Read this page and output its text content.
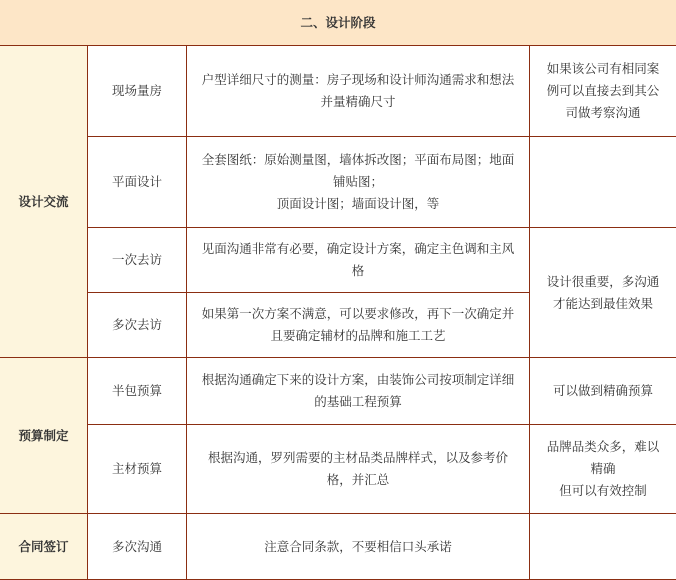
二、设计阶段			
设计交流	现场量房	户型详细尺寸的测量：房子现场和设计师沟通需求和想法并量精确尺寸	如果该公司有相同案例可以直接去到其公司做考察沟通
	平面设计	全套图纸：原始测量图，墙体拆改图；平面布局图；地面铺贴图；
顶面设计图；墙面设计图，等	

	一次去访	见面沟通非常有必要，确定设计方案，确定主色调和主风格	设计很重要，多沟通才能达到最佳效果
	多次去访	如果第一次方案不满意，可以要求修改，再下一次确定并且要确定辅材的品牌和施工工艺	
预算制定	半包预算	根据沟通确定下来的设计方案，由装饰公司按项制定详细的基础工程预算	可以做到精确预算
	主材预算	根据沟通，罗列需要的主材品类品牌样式，以及参考价格，并汇总	品牌品类众多，难以精确
但可以有效控制

合同签订	多次沟通	注意合同条款，不要相信口头承诺	
